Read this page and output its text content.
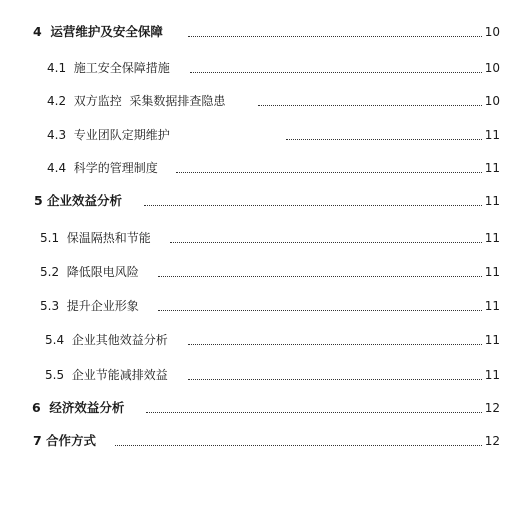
4  运营维护及安全保障	10
4.1  施工安全保障措施	10
4.2  双方监控  采集数据排查隐患	10
4.3  专业团队定期维护	11
4.4  科学的管理制度	11
5 企业效益分析	11
5.1  保温隔热和节能	11
5.2  降低限电风险	11
5.3  提升企业形象	11
5.4  企业其他效益分析	11
5.5  企业节能减排效益	11
6  经济效益分析	12
7 合作方式	12
